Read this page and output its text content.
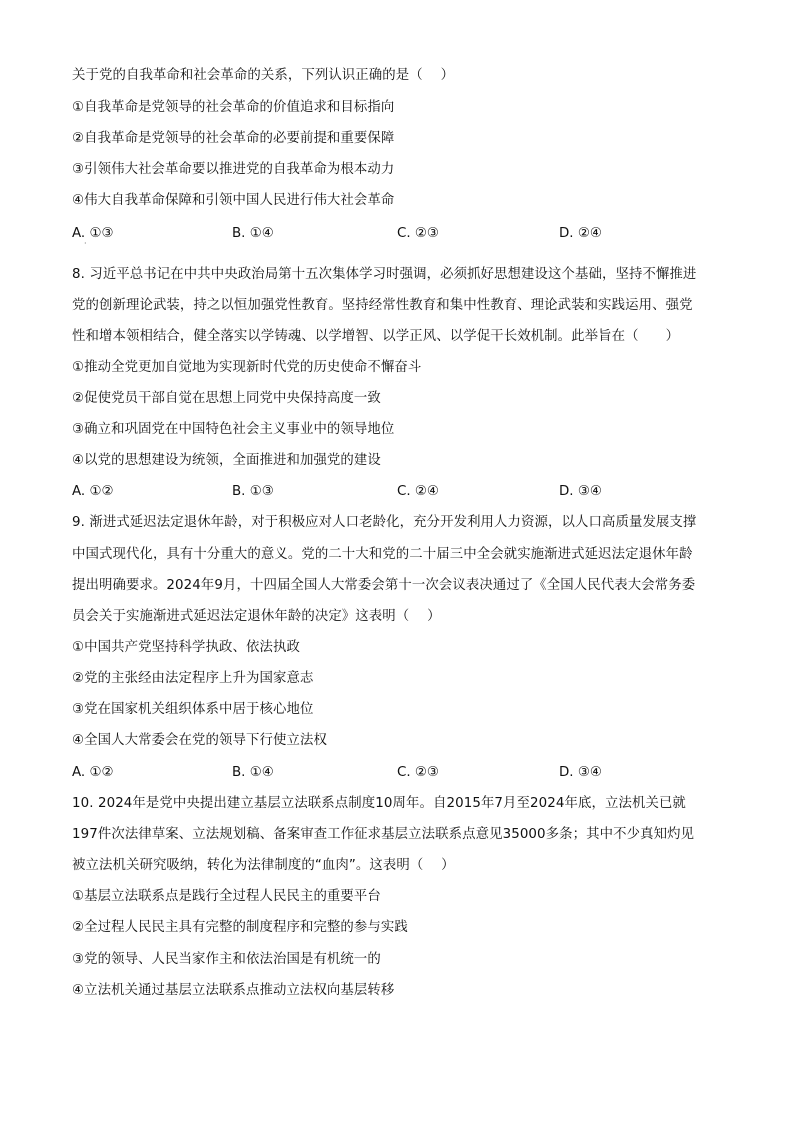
关于党的自我革命和社会革命的关系，下列认识正确的是（　 ）
①自我革命是党领导的社会革命的价值追求和目标指向
②自我革命是党领导的社会革命的必要前提和重要保障
③引领伟大社会革命要以推进党的自我革命为根本动力
④伟大自我革命保障和引领中国人民进行伟大社会革命
A. ①③	B. ①④	C. ②③	D. ②④
·
8. 习近平总书记在中共中央政治局第十五次集体学习时强调，必须抓好思想建设这个基础，坚持不懈推进
党的创新理论武装，持之以恒加强党性教育。坚持经常性教育和集中性教育、理论武装和实践运用、强党
性和增本领相结合，健全落实以学铸魂、以学增智、以学正风、以学促干长效机制。此举旨在（　　）
①推动全党更加自觉地为实现新时代党的历史使命不懈奋斗
②促使党员干部自觉在思想上同党中央保持高度一致
③确立和巩固党在中国特色社会主义事业中的领导地位
④以党的思想建设为统领，全面推进和加强党的建设
A. ①②	B. ①③	C. ②④	D. ③④
9. 渐进式延迟法定退休年龄，对于积极应对人口老龄化，充分开发利用人力资源，以人口高质量发展支撑
中国式现代化，具有十分重大的意义。党的二十大和党的二十届三中全会就实施渐进式延迟法定退休年龄
提出明确要求。2024年9月，十四届全国人大常委会第十一次会议表决通过了《全国人民代表大会常务委
员会关于实施渐进式延迟法定退休年龄的决定》这表明（　 ）
①中国共产党坚持科学执政、依法执政
②党的主张经由法定程序上升为国家意志
③党在国家机关组织体系中居于核心地位
④全国人大常委会在党的领导下行使立法权
A. ①②	B. ①④	C. ②③	D. ③④
10. 2024年是党中央提出建立基层立法联系点制度10周年。自2015年7月至2024年底，立法机关已就
197件次法律草案、立法规划稿、备案审查工作征求基层立法联系点意见35000多条；其中不少真知灼见
被立法机关研究吸纳，转化为法律制度的“血肉”。这表明（　 ）
①基层立法联系点是践行全过程人民民主的重要平台
②全过程人民民主具有完整的制度程序和完整的参与实践
③党的领导、人民当家作主和依法治国是有机统一的
④立法机关通过基层立法联系点推动立法权向基层转移
